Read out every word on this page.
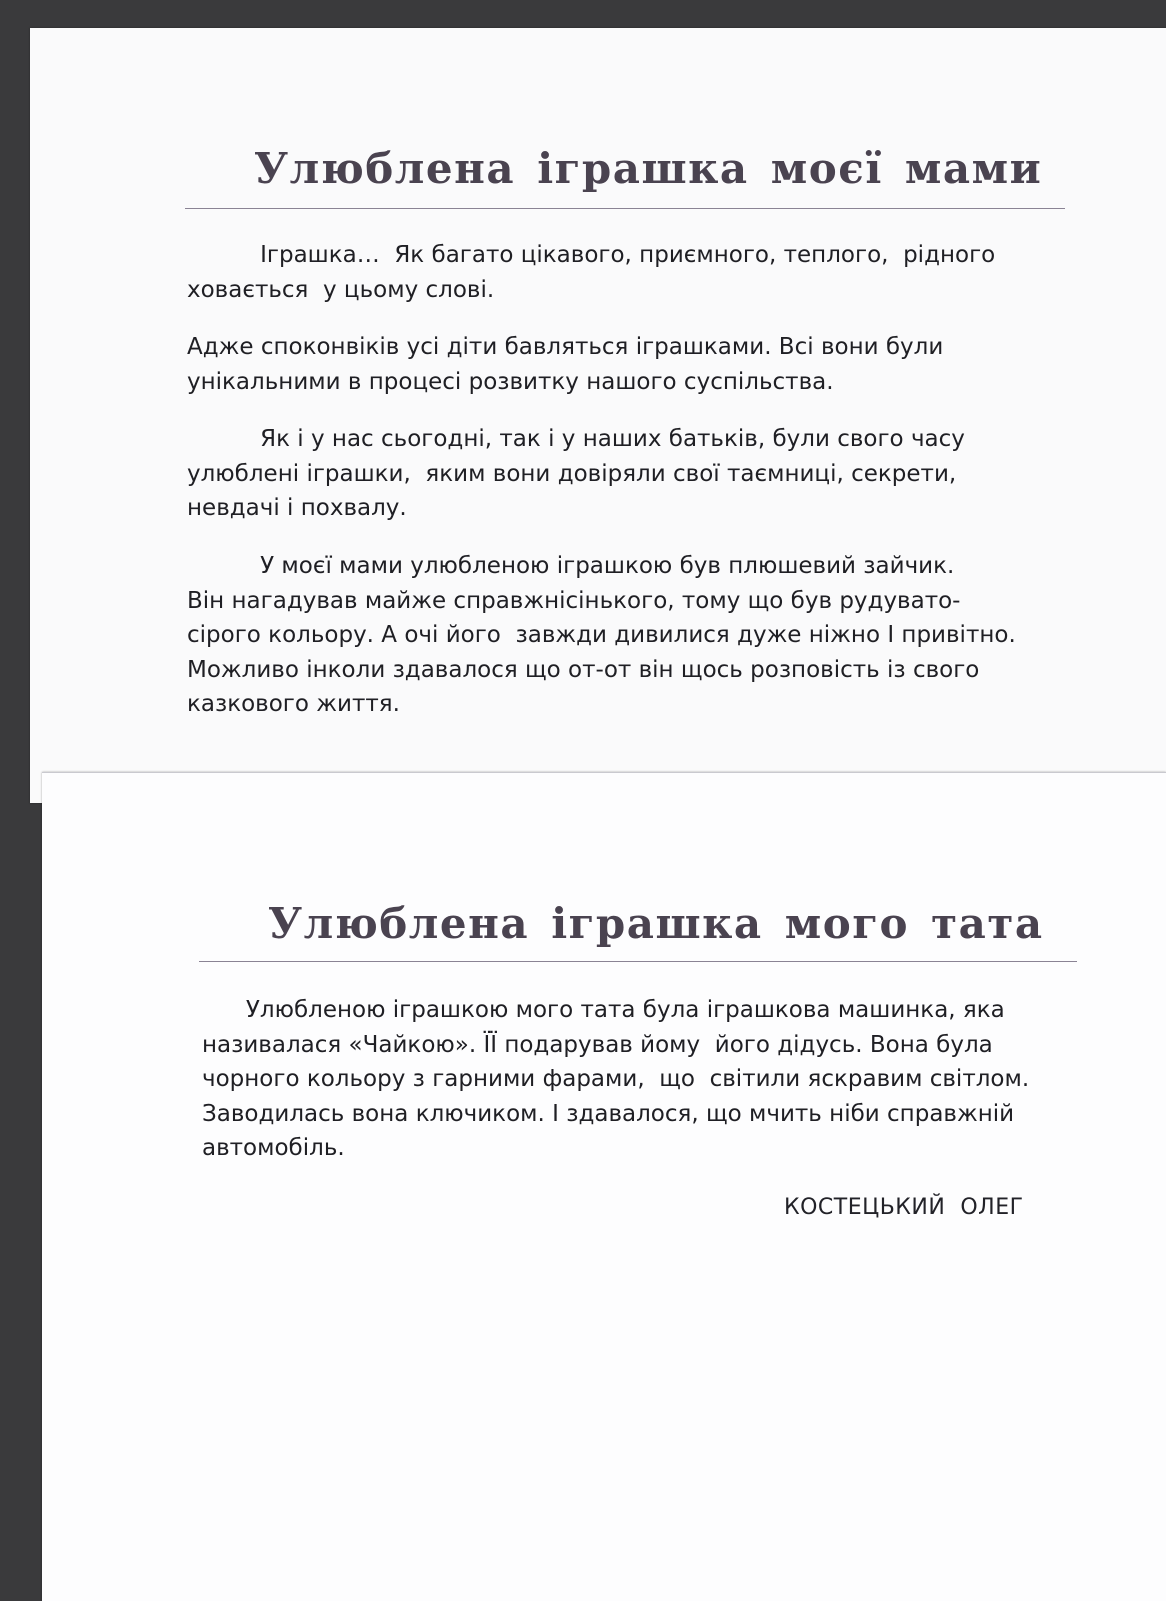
Улюблена іграшка моєї мами

Іграшка…  Як багато цікавого, приємного, теплого,  рідного
ховається  у цьому слові.

Адже споконвіків усі діти бавляться іграшками. Всі вони були
унікальними в процесі розвитку нашого суспільства.

Як і у нас сьогодні, так і у наших батьків, були свого часу
улюблені іграшки,  яким вони довіряли свої таємниці, секрети,
невдачі і похвалу.

У моєї мами улюбленою іграшкою був плюшевий зайчик.
Він нагадував майже справжнісінького, тому що був рудувато-
сірого кольору. А очі його  завжди дивилися дуже ніжно І привітно.
Можливо інколи здавалося що от-от він щось розповість із свого
казкового життя.

Улюблена іграшка мого тата

Улюбленою іграшкою мого тата була іграшкова машинка, яка
називалася «Чайкою». ЇЇ подарував йому  його дідусь. Вона була
чорного кольору з гарними фарами,  що  світили яскравим світлом.
Заводилась вона ключиком. І здавалося, що мчить ніби справжній
автомобіль.

КОСТЕЦЬКИЙ  ОЛЕГ
